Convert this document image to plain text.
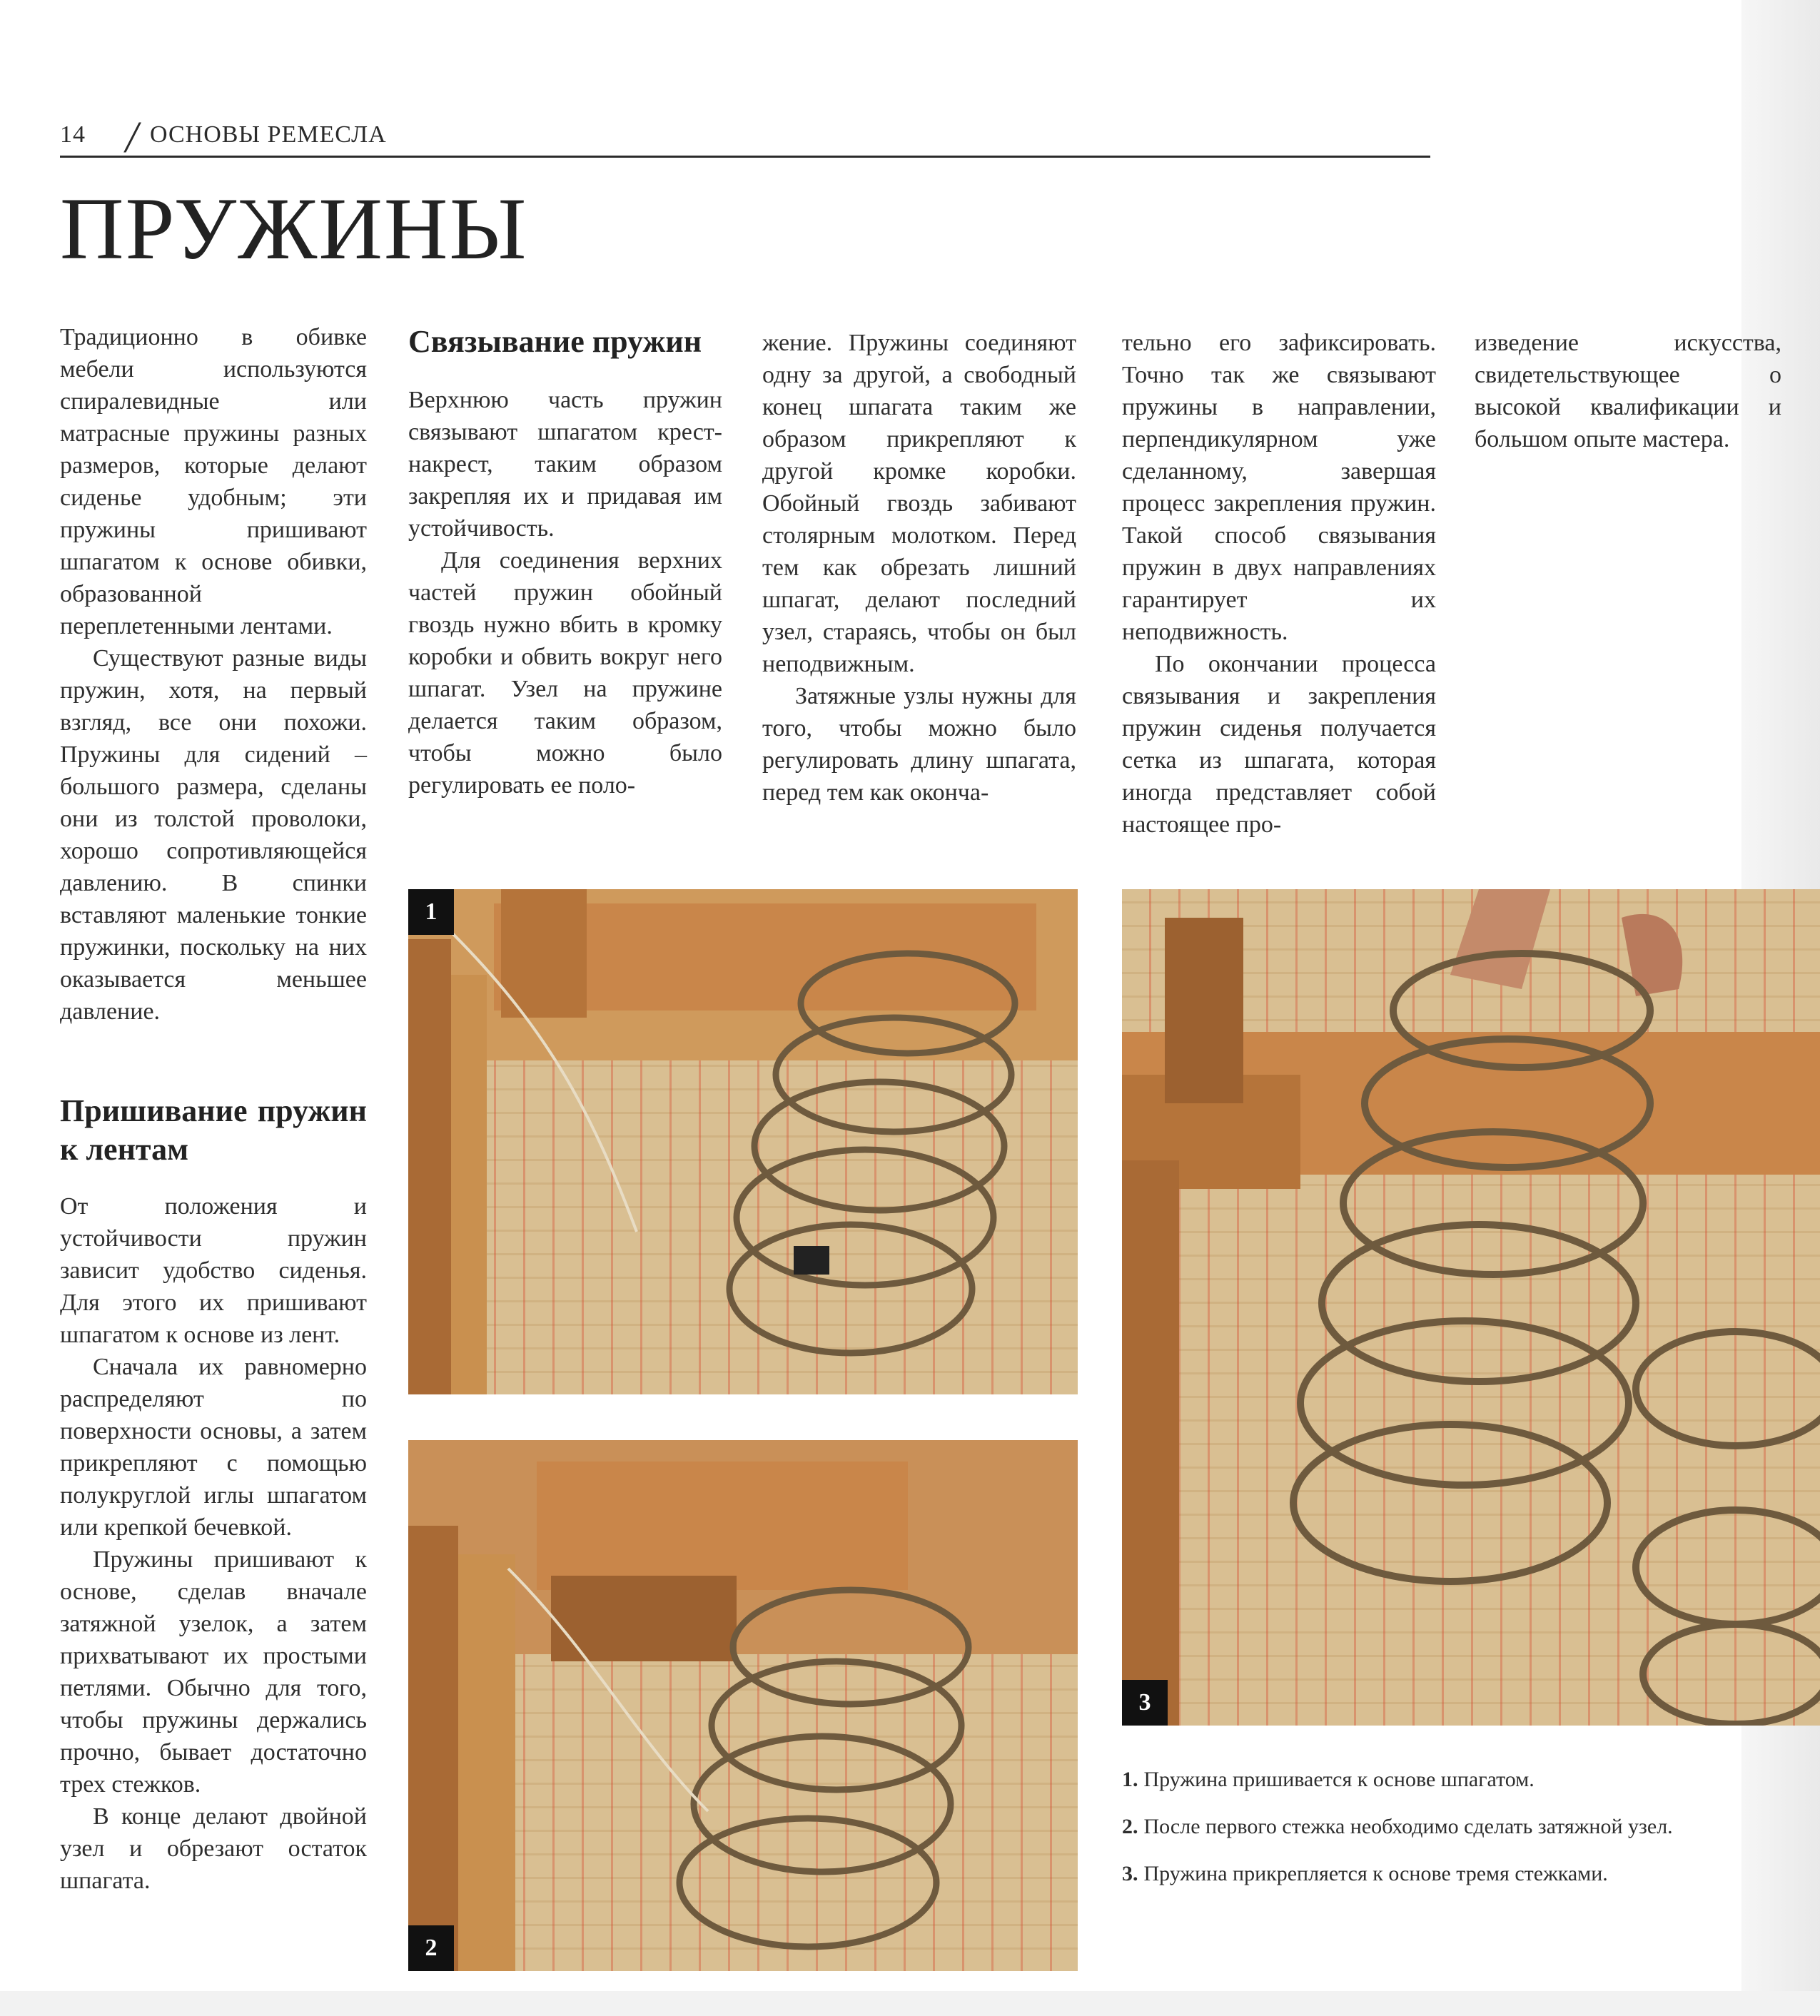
14 / ОСНОВЫ РЕМЕСЛА
ПРУЖИНЫ

Традиционно в обивке мебели используются спиралевидные или матрасные пружины разных размеров, которые делают сиденье удобным; эти пружины пришивают шпагатом к основе обивки, образованной переплетенными лентами.

Существуют разные виды пружин, хотя, на первый взгляд, все они похожи. Пружины для сидений – большого размера, сделаны они из толстой проволоки, хорошо сопротивляющейся давлению. В спинки вставляют маленькие тонкие пружинки, поскольку на них оказывается меньшее давление.

Пришивание пружин к лентам

От положения и устойчивости пружин зависит удобство сиденья. Для этого их пришивают шпагатом к основе из лент.

Сначала их равномерно распределяют по поверхности основы, а затем прикрепляют с помощью полукруглой иглы шпагатом или крепкой бечевкой.

Пружины пришивают к основе, сделав вначале затяжной узелок, а затем прихватывают их простыми петлями. Обычно для того, чтобы пружины держались прочно, бывает достаточно трех стежков.

В конце делают двойной узел и обрезают остаток шпагата.

Связывание пружин

Верхнюю часть пружин связывают шпагатом крест-накрест, таким образом закрепляя их и придавая им устойчивость.

Для соединения верхних частей пружин обойный гвоздь нужно вбить в кромку коробки и обвить вокруг него шпагат. Узел на пружине делается таким образом, чтобы можно было регулировать ее поло-

жение. Пружины соединяют одну за другой, а свободный конец шпагата таким же образом прикрепляют к другой кромке коробки. Обойный гвоздь забивают столярным молотком. Перед тем как обрезать лишний шпагат, делают последний узел, стараясь, чтобы он был неподвижным.

Затяжные узлы нужны для того, чтобы можно было регулировать длину шпагата, перед тем как оконча-

тельно его зафиксировать. Точно так же связывают пружины в направлении, перпендикулярном уже сделанному, завершая процесс закрепления пружин. Такой способ связывания пружин в двух направлениях гарантирует их неподвижность.

По окончании процесса связывания и закрепления пружин сиденья получается сетка из шпагата, которая иногда представляет собой настоящее про-

изведение искусства, свидетельствующее о высокой квалификации и большом опыте мастера.

1
2
3
1. Пружина пришивается к основе шпагатом.
2. После первого стежка необходимо сделать затяжной узел.
3. Пружина прикрепляется к основе тремя стежками.
